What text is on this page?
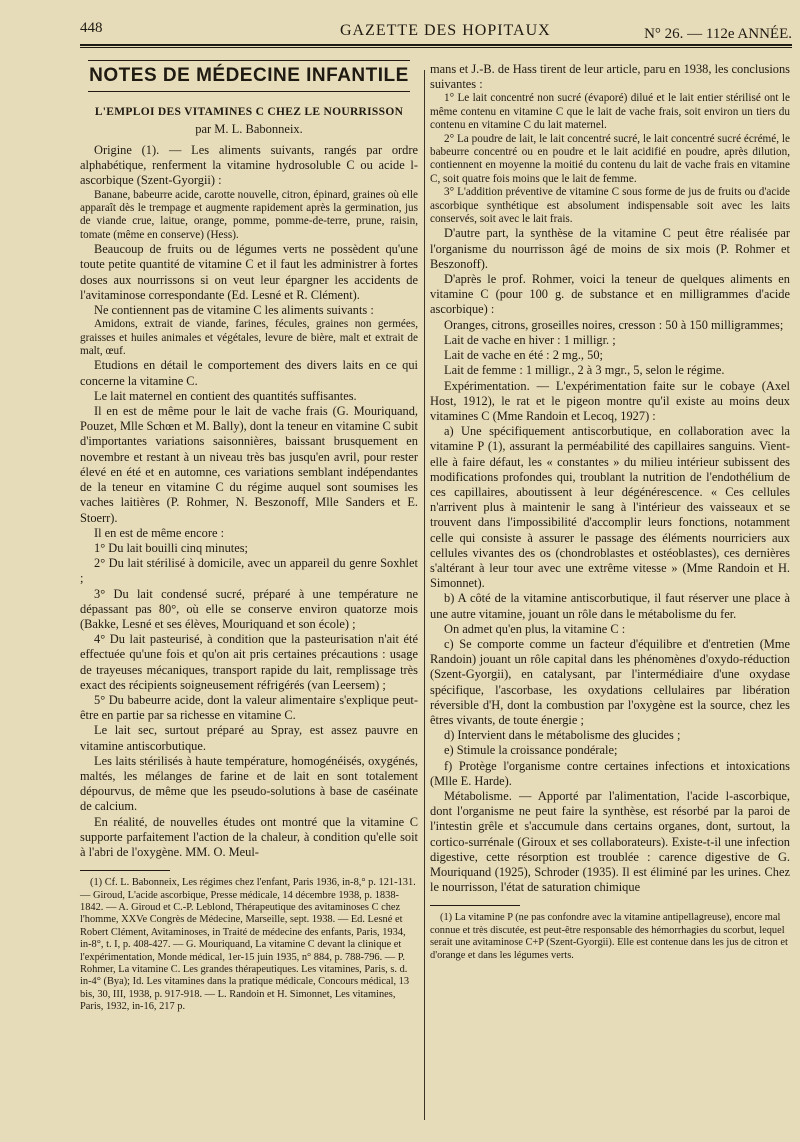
448	GAZETTE DES HOPITAUX	N° 26. — 112e ANNÉE.
NOTES DE MÉDECINE INFANTILE
L'EMPLOI DES VITAMINES C CHEZ LE NOURRISSON
par M. L. Babonneix.

Origine (1). — Les aliments suivants, rangés par ordre alphabétique, renferment la vitamine hydrosoluble C ou acide l-ascorbique (Szent-Gyorgii) :

Banane, babeurre acide, carotte nouvelle, citron, épinard, graines où elle apparaît dès le trempage et augmente rapidement après la germination, jus de viande crue, laitue, orange, pomme, pomme-de-terre, prune, raisin, tomate (même en conserve) (Hess).

Beaucoup de fruits ou de légumes verts ne possèdent qu'une toute petite quantité de vitamine C et il faut les administrer à fortes doses aux nourrissons si on veut leur épargner les accidents de l'avitaminose correspondante (Ed. Lesné et R. Clément).

Ne contiennent pas de vitamine C les aliments suivants :

Amidons, extrait de viande, farines, fécules, graines non germées, graisses et huiles animales et végétales, levure de bière, malt et extrait de malt, œuf.

Etudions en détail le comportement des divers laits en ce qui concerne la vitamine C.

Le lait maternel en contient des quantités suffisantes.

Il en est de même pour le lait de vache frais (G. Mouriquand, Pouzet, Mlle Schœn et M. Bally), dont la teneur en vitamine C subit d'importantes variations saisonnières, baissant brusquement en novembre et restant à un niveau très bas jusqu'en avril, pour rester élevé en été et en automne, ces variations semblant indépendantes de la teneur en vitamine C du régime auquel sont soumises les vaches laitières (P. Rohmer, N. Beszonoff, Mlle Sanders et E. Stoerr).

Il en est de même encore :

1° Du lait bouilli cinq minutes;

2° Du lait stérilisé à domicile, avec un appareil du genre Soxhlet ;

3° Du lait condensé sucré, préparé à une température ne dépassant pas 80°, où elle se conserve environ quatorze mois (Bakke, Lesné et ses élèves, Mouriquand et son école) ;

4° Du lait pasteurisé, à condition que la pasteurisation n'ait été effectuée qu'une fois et qu'on ait pris certaines précautions : usage de trayeuses mécaniques, transport rapide du lait, remplissage très exact des récipients soigneusement réfrigérés (van Leersem) ;

5° Du babeurre acide, dont la valeur alimentaire s'explique peut-être en partie par sa richesse en vitamine C.

Le lait sec, surtout préparé au Spray, est assez pauvre en vitamine antiscorbutique.

Les laits stérilisés à haute température, homogénéisés, oxygénés, maltés, les mélanges de farine et de lait en sont totalement dépourvus, de même que les pseudo-solutions à base de caséinate de calcium.

En réalité, de nouvelles études ont montré que la vitamine C supporte parfaitement l'action de la chaleur, à condition qu'elle soit à l'abri de l'oxygène. MM. O. Meul-

(1) Cf. L. Babonneix, Les régimes chez l'enfant, Paris 1936, in-8,° p. 121-131. — Giroud, L'acide ascorbique, Presse médicale, 14 décembre 1938, p. 1838-1842. — A. Giroud et C.-P. Leblond, Thérapeutique des avitaminoses C chez l'homme, XXVe Congrès de Médecine, Marseille, sept. 1938. — Ed. Lesné et Robert Clément, Avitaminoses, in Traité de médecine des enfants, Paris, 1934, in-8°, t. I, p. 408-427. — G. Mouriquand, La vitamine C devant la clinique et l'expérimentation, Monde médical, 1er-15 juin 1935, n° 884, p. 788-796. — P. Rohmer, La vitamine C. Les grandes thérapeutiques. Les vitamines, Paris, s. d. in-4° (Bya); Id. Les vitamines dans la pratique médicale, Concours médical, 13 bis, 30, III, 1938, p. 917-918. — L. Randoin et H. Simonnet, Les vitamines, Paris, 1932, in-16, 217 p.

mans et J.-B. de Hass tirent de leur article, paru en 1938, les conclusions suivantes :

1° Le lait concentré non sucré (évaporé) dilué et le lait entier stérilisé ont le même contenu en vitamine C que le lait de vache frais, soit environ un tiers du contenu en vitamine C du lait maternel.

2° La poudre de lait, le lait concentré sucré, le lait concentré sucré écrémé, le babeurre concentré ou en poudre et le lait acidifié en poudre, après dilution, contiennent en moyenne la moitié du contenu du lait de vache frais en vitamine C, soit quatre fois moins que le lait de femme.

3° L'addition préventive de vitamine C sous forme de jus de fruits ou d'acide ascorbique synthétique est absolument indispensable soit avec les laits conservés, soit avec le lait frais.

D'autre part, la synthèse de la vitamine C peut être réalisée par l'organisme du nourrisson âgé de moins de six mois (P. Rohmer et Beszonoff).

D'après le prof. Rohmer, voici la teneur de quelques aliments en vitamine C (pour 100 g. de substance et en milligrammes d'acide ascorbique) :

Oranges, citrons, groseilles noires, cresson : 50 à 150 milligrammes;

Lait de vache en hiver : 1 milligr. ;

Lait de vache en été : 2 mg., 50;

Lait de femme : 1 milligr., 2 à 3 mgr., 5, selon le régime.

Expérimentation. — L'expérimentation faite sur le cobaye (Axel Host, 1912), le rat et le pigeon montre qu'il existe au moins deux vitamines C (Mme Randoin et Lecoq, 1927) :

a) Une spécifiquement antiscorbutique, en collaboration avec la vitamine P (1), assurant la perméabilité des capillaires sanguins. Vient-elle à faire défaut, les « constantes » du milieu intérieur subissent des modifications profondes qui, troublant la nutrition de l'endothélium de ces capillaires, aboutissent à leur dégénérescence. « Ces cellules n'arrivent plus à maintenir le sang à l'intérieur des vaisseaux et se trouvent dans l'impossibilité d'accomplir leurs fonctions, notamment celle qui consiste à assurer le passage des éléments nourriciers aux cellules vivantes des os (chondroblastes et ostéoblastes), ces dernières s'altérant à leur tour avec une extrême vitesse » (Mme Randoin et H. Simonnet).

b) A côté de la vitamine antiscorbutique, il faut réserver une place à une autre vitamine, jouant un rôle dans le métabolisme du fer.

On admet qu'en plus, la vitamine C :

c) Se comporte comme un facteur d'équilibre et d'entretien (Mme Randoin) jouant un rôle capital dans les phénomènes d'oxydo-réduction (Szent-Gyorgii), en catalysant, par l'intermédiaire d'une oxydase spécifique, l'ascorbase, les oxydations cellulaires par libération réversible d'H, dont la combustion par l'oxygène est la source, chez les êtres vivants, de toute énergie ;

d) Intervient dans le métabolisme des glucides ;

e) Stimule la croissance pondérale;

f) Protège l'organisme contre certaines infections et intoxications (Mlle E. Harde).

Métabolisme. — Apporté par l'alimentation, l'acide l-ascorbique, dont l'organisme ne peut faire la synthèse, est résorbé par la paroi de l'intestin grêle et s'accumule dans certains organes, dont, surtout, la cortico-surrénale (Giroux et ses collaborateurs). Existe-t-il une infection digestive, cette résorption est troublée : carence digestive de G. Mouriquand (1925), Schroder (1935). Il est éliminé par les urines. Chez le nourrisson, l'état de saturation chimique

(1) La vitamine P (ne pas confondre avec la vitamine antipellagreuse), encore mal connue et très discutée, est peut-être responsable des hémorrhagies du scorbut, lequel serait une avitaminose C+P (Szent-Gyorgii). Elle est contenue dans les jus de citron et d'orange et dans les légumes verts.
